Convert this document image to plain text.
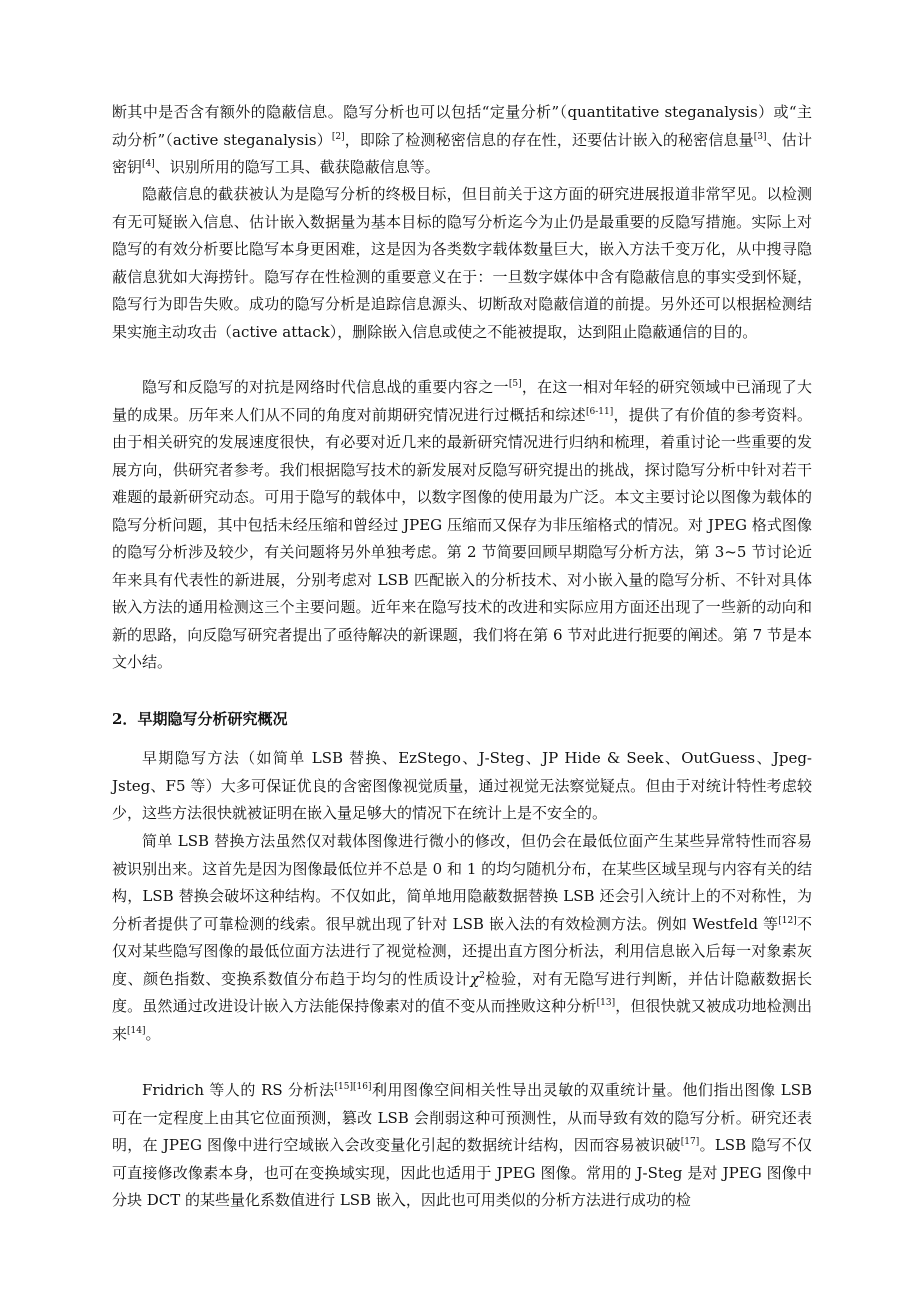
断其中是否含有额外的隐蔽信息。隐写分析也可以包括“定量分析”（quantitative steganalysis）或“主动分析”（active steganalysis）[2]，即除了检测秘密信息的存在性，还要估计嵌入的秘密信息量[3]、估计密钥[4]、识别所用的隐写工具、截获隐蔽信息等。

隐蔽信息的截获被认为是隐写分析的终极目标，但目前关于这方面的研究进展报道非常罕见。以检测有无可疑嵌入信息、估计嵌入数据量为基本目标的隐写分析迄今为止仍是最重要的反隐写措施。实际上对隐写的有效分析要比隐写本身更困难，这是因为各类数字载体数量巨大，嵌入方法千变万化，从中搜寻隐蔽信息犹如大海捞针。隐写存在性检测的重要意义在于：一旦数字媒体中含有隐蔽信息的事实受到怀疑，隐写行为即告失败。成功的隐写分析是追踪信息源头、切断敌对隐蔽信道的前提。另外还可以根据检测结果实施主动攻击（active attack），删除嵌入信息或使之不能被提取，达到阻止隐蔽通信的目的。

隐写和反隐写的对抗是网络时代信息战的重要内容之一[5]，在这一相对年轻的研究领域中已涌现了大量的成果。历年来人们从不同的角度对前期研究情况进行过概括和综述[6-11]，提供了有价值的参考资料。由于相关研究的发展速度很快，有必要对近几来的最新研究情况进行归纳和梳理，着重讨论一些重要的发展方向，供研究者参考。我们根据隐写技术的新发展对反隐写研究提出的挑战，探讨隐写分析中针对若干难题的最新研究动态。可用于隐写的载体中，以数字图像的使用最为广泛。本文主要讨论以图像为载体的隐写分析问题，其中包括未经压缩和曾经过 JPEG 压缩而又保存为非压缩格式的情况。对 JPEG 格式图像的隐写分析涉及较少，有关问题将另外单独考虑。第 2 节简要回顾早期隐写分析方法，第 3~5 节讨论近年来具有代表性的新进展，分别考虑对 LSB 匹配嵌入的分析技术、对小嵌入量的隐写分析、不针对具体嵌入方法的通用检测这三个主要问题。近年来在隐写技术的改进和实际应用方面还出现了一些新的动向和新的思路，向反隐写研究者提出了亟待解决的新课题，我们将在第 6 节对此进行扼要的阐述。第 7 节是本文小结。

2．早期隐写分析研究概况

早期隐写方法（如简单 LSB 替换、EzStego、J-Steg、JP Hide & Seek、OutGuess、Jpeg-Jsteg、F5 等）大多可保证优良的含密图像视觉质量，通过视觉无法察觉疑点。但由于对统计特性考虑较少，这些方法很快就被证明在嵌入量足够大的情况下在统计上是不安全的。

简单 LSB 替换方法虽然仅对载体图像进行微小的修改，但仍会在最低位面产生某些异常特性而容易被识别出来。这首先是因为图像最低位并不总是 0 和 1 的均匀随机分布，在某些区域呈现与内容有关的结构，LSB 替换会破坏这种结构。不仅如此，简单地用隐蔽数据替换 LSB 还会引入统计上的不对称性，为分析者提供了可靠检测的线索。很早就出现了针对 LSB 嵌入法的有效检测方法。例如 Westfeld 等[12]不仅对某些隐写图像的最低位面方法进行了视觉检测，还提出直方图分析法，利用信息嵌入后每一对象素灰度、颜色指数、变换系数值分布趋于均匀的性质设计$\chi^2$检验，对有无隐写进行判断，并估计隐蔽数据长度。虽然通过改进设计嵌入方法能保持像素对的值不变从而挫败这种分析[13]，但很快就又被成功地检测出来[14]。

Fridrich 等人的 RS 分析法[15][16]利用图像空间相关性导出灵敏的双重统计量。他们指出图像 LSB 可在一定程度上由其它位面预测，篡改 LSB 会削弱这种可预测性，从而导致有效的隐写分析。研究还表明，在 JPEG 图像中进行空域嵌入会改变量化引起的数据统计结构，因而容易被识破[17]。LSB 隐写不仅可直接修改像素本身，也可在变换域实现，因此也适用于 JPEG 图像。常用的 J-Steg 是对 JPEG 图像中分块 DCT 的某些量化系数值进行 LSB 嵌入，因此也可用类似的分析方法进行成功的检
